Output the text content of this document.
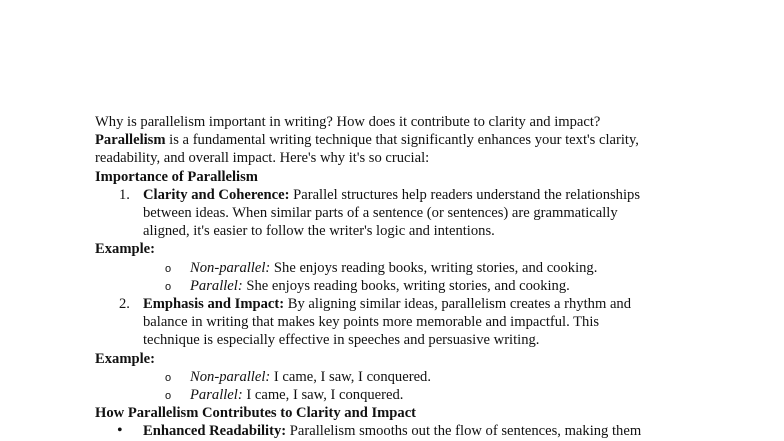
Why is parallelism important in writing? How does it contribute to clarity and impact?

Parallelism is a fundamental writing technique that significantly enhances your text's clarity,

readability, and overall impact. Here's why it's so crucial:

Importance of Parallelism

1. Clarity and Coherence: Parallel structures help readers understand the relationships

between ideas. When similar parts of a sentence (or sentences) are grammatically

aligned, it's easier to follow the writer's logic and intentions.

Example:

o Non-parallel: She enjoys reading books, writing stories, and cooking.

o Parallel: She enjoys reading books, writing stories, and cooking.

2. Emphasis and Impact: By aligning similar ideas, parallelism creates a rhythm and

balance in writing that makes key points more memorable and impactful. This

technique is especially effective in speeches and persuasive writing.

Example:

o Non-parallel: I came, I saw, I conquered.

o Parallel: I came, I saw, I conquered.

How Parallelism Contributes to Clarity and Impact

• Enhanced Readability: Parallelism smooths out the flow of sentences, making them
